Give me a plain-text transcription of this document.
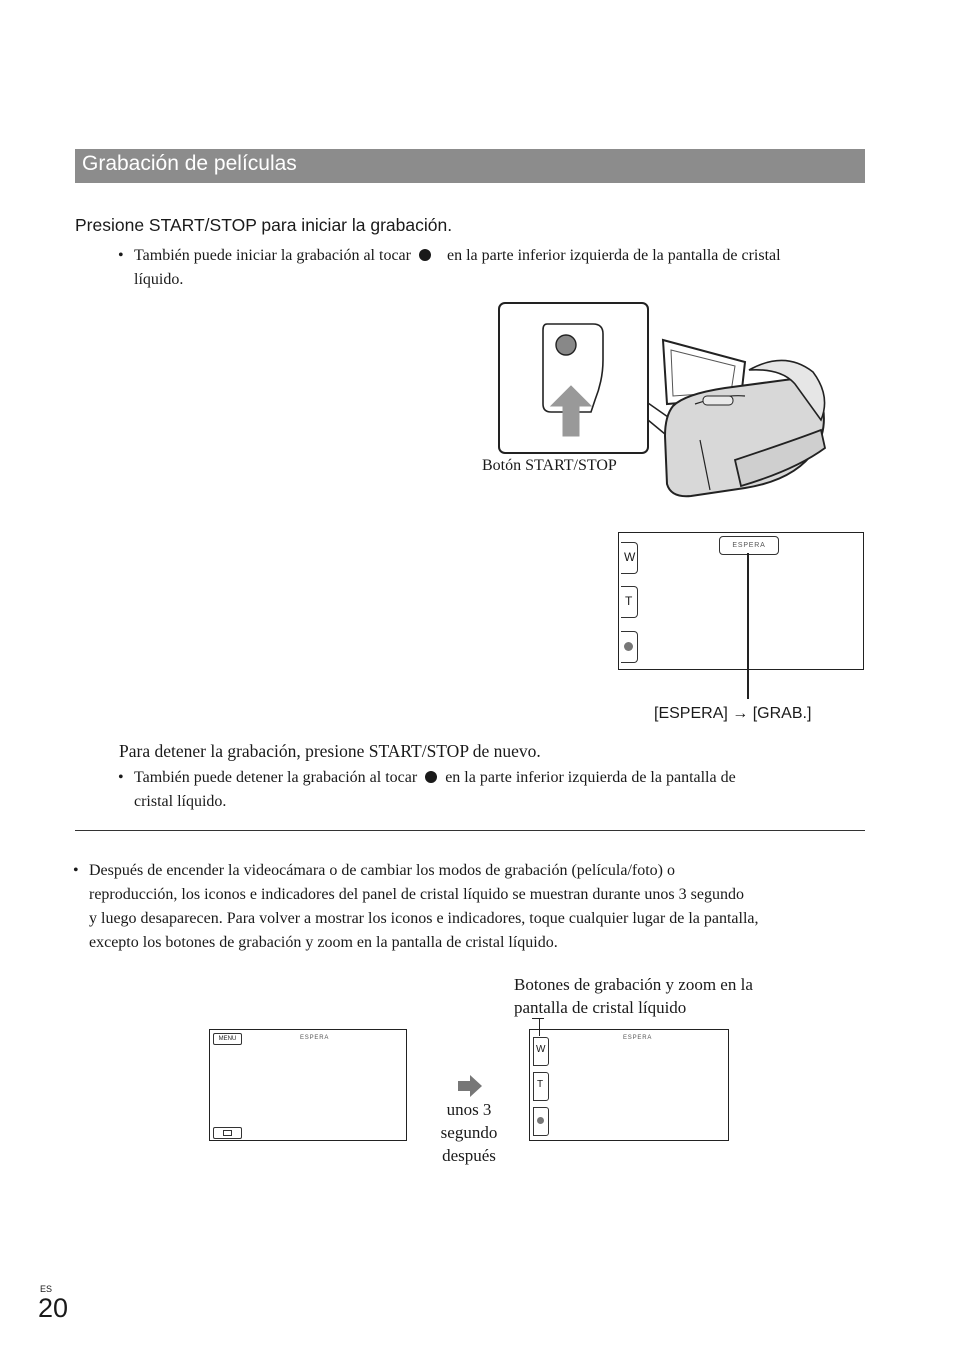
Grabación de películas
Presione START/STOP para iniciar la grabación.
• También puede iniciar la grabación al tocar en la parte inferior izquierda de la pantalla de cristal
líquido.
Botón START/STOP
W
T
ESPERA
[ESPERA] → [GRAB.]
Para detener la grabación, presione START/STOP de nuevo.
• También puede detener la grabación al tocar en la parte inferior izquierda de la pantalla de
cristal líquido.
• Después de encender la videocámara o de cambiar los modos de grabación (película/foto) o
reproducción, los iconos e indicadores del panel de cristal líquido se muestran durante unos 3 segundo
y luego desaparecen. Para volver a mostrar los iconos e indicadores, toque cualquier lugar de la pantalla,
excepto los botones de grabación y zoom en la pantalla de cristal líquido.
Botones de grabación y zoom en la
pantalla de cristal líquido
MENU	ESPERA
unos 3
segundo
después
W
T
ESPERA
ES
20
